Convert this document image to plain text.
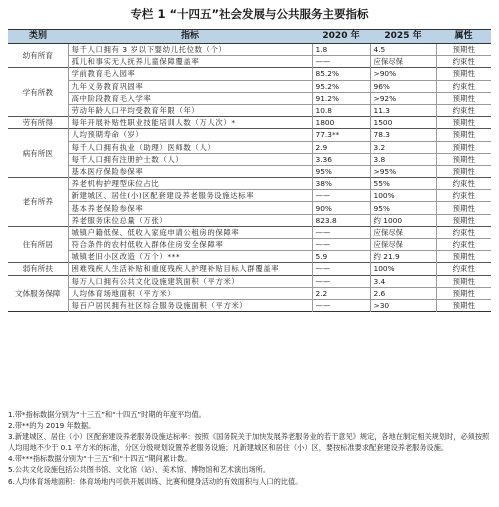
专栏 1 “十四五”社会发展与公共服务主要指标
类别	指标	2020 年	2025 年	属性
幼有所育	每千人口拥有 3 岁以下婴幼儿托位数（个）	1.8	4.5	预期性
	孤儿和事实无人抚养儿童保障覆盖率	——	应保尽保	约束性
学有所教	学前教育毛入园率	85.2%	>90%	预期性
	九年义务教育巩固率	95.2%	96%	约束性
	高中阶段教育毛入学率	91.2%	>92%	预期性
	劳动年龄人口平均受教育年限（年）	10.8	11.3	约束性
劳有所得	每年开展补贴性职业技能培训人数（万人次）*	1800	1500	预期性
病有所医	人均预期寿命（岁）	77.3**	78.3	预期性
	每千人口拥有执业（助理）医师数（人）	2.9	3.2	预期性
	每千人口拥有注册护士数（人）	3.36	3.8	预期性
	基本医疗保险参保率	95%	>95%	预期性
老有所养	养老机构护理型床位占比	38%	55%	约束性
	新建城区、居住(小)区配套建设养老服务设施达标率	——	100%	约束性
	基本养老保险参保率	90%	95%	预期性
	养老服务床位总量（万张）	823.8	约 1000	预期性
住有所居	城镇户籍低保、低收入家庭申请公租房的保障率	——	应保尽保	约束性
	符合条件的农村低收入群体住房安全保障率	——	应保尽保	约束性
	城镇老旧小区改造（万个）***	5.9	约 21.9	预期性
弱有所扶	困难残疾人生活补贴和重度残疾人护理补贴目标人群覆盖率	——	100%	约束性
文体服务保障	每万人口拥有公共文化设施建筑面积（平方米）	——	3.4	预期性
	人均体育场地面积（平方米）	2.2	2.6	预期性
	每百户居民拥有社区综合服务设施面积（平方米）	——	>30	预期性

1.带*指标数据分别为“十三五”和“十四五”时期的年度平均值。

2.带**的为 2019 年数据。

3.新建城区、居住（小）区配套建设养老服务设施达标率：按照《国务院关于加快发展养老服务业的若干意见》规定，各地在制定相关规划时，必须按照人均用地不少于 0.1 平方米的标准，分区分级规划设置养老服务设施；凡新建城区和居住（小）区，要按标准要求配套建设养老服务设施。

4.带***指标数据分别为“十三五”和“十四五”期间累计数。

5.公共文化设施包括公共图书馆、文化馆（站）、美术馆、博物馆和艺术演出场所。

6.人均体育场地面积：体育场地内可供开展训练、比赛和健身活动的有效面积与人口的比值。
